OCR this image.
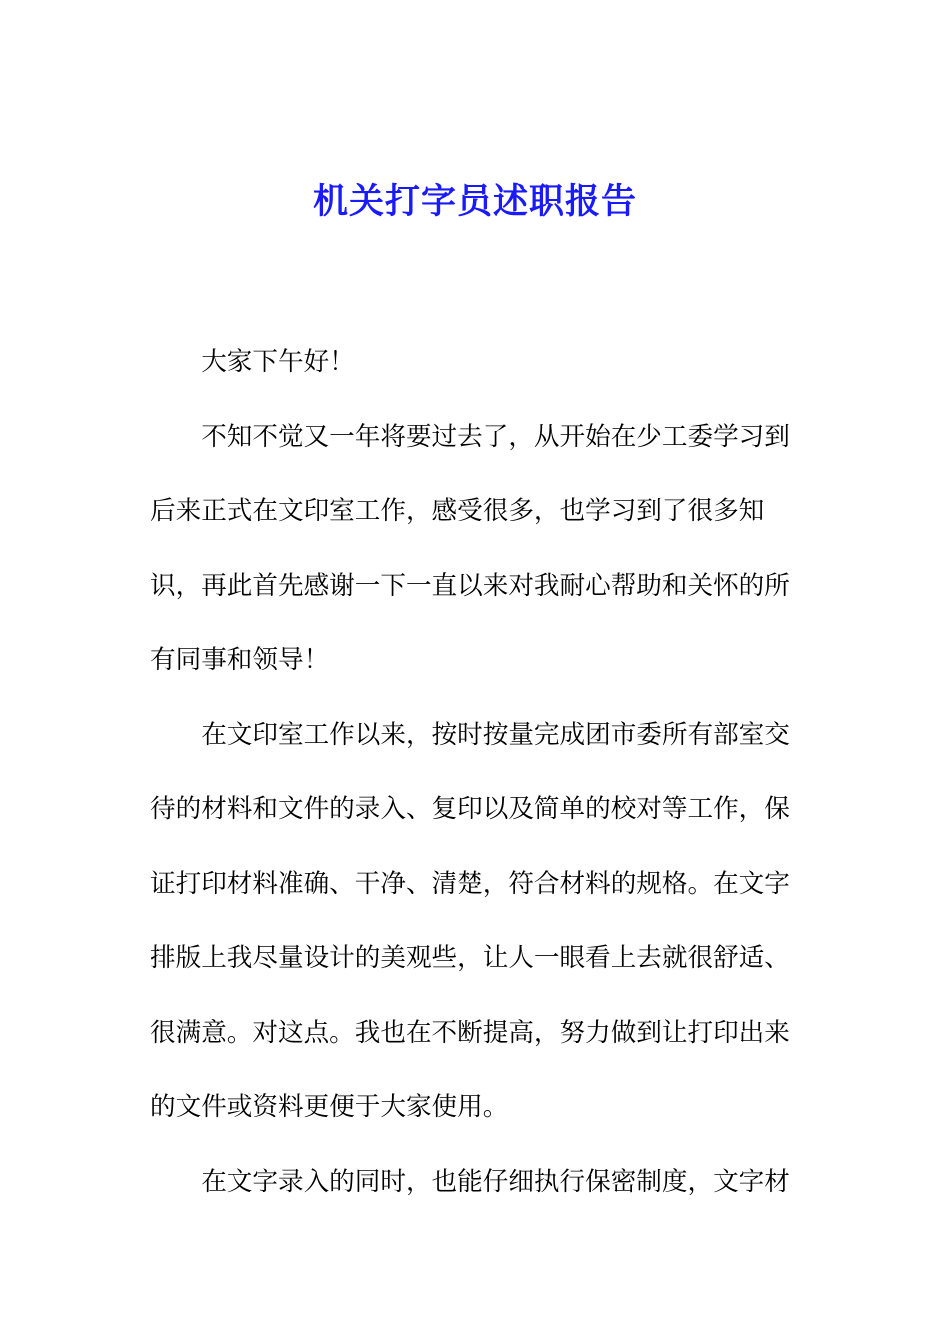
机关打字员述职报告

大家下午好！

不知不觉又一年将要过去了，从开始在少工委学习到
后来正式在文印室工作，感受很多，也学习到了很多知
识，再此首先感谢一下一直以来对我耐心帮助和关怀的所
有同事和领导！

在文印室工作以来，按时按量完成团市委所有部室交
待的材料和文件的录入、复印以及简单的校对等工作，保
证打印材料准确、干净、清楚，符合材料的规格。在文字
排版上我尽量设计的美观些，让人一眼看上去就很舒适、
很满意。对这点。我也在不断提高，努力做到让打印出来
的文件或资料更便于大家使用。

在文字录入的同时，也能仔细执行保密制度，文字材
